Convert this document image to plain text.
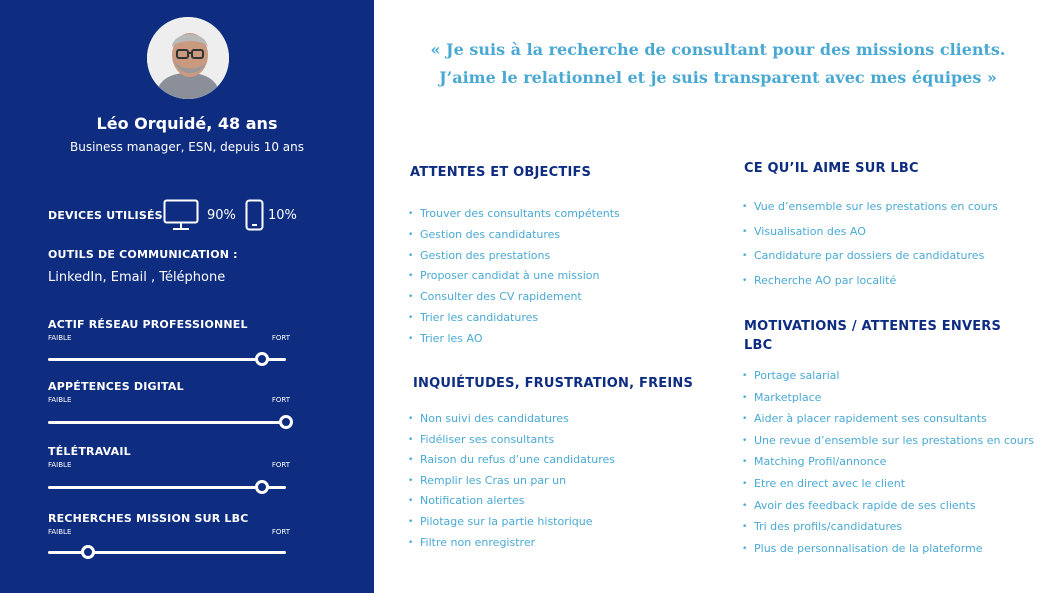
Léo Orquidé, 48 ans
Business manager, ESN, depuis 10 ans
DEVICES UTILISÉS	90% 10%
OUTILS DE COMMUNICATION :
LinkedIn, Email , Téléphone
ACTIF RÉSEAU PROFESSIONNEL
FAIBLE	FORT
APPÉTENCES DIGITAL
FAIBLE	FORT
TÉLÉTRAVAIL
FAIBLE	FORT
RECHERCHES MISSION SUR LBC
FAIBLE	FORT
« Je suis à la recherche de consultant pour des missions clients.
J’aime le relationnel et je suis transparent avec mes équipes »
ATTENTES ET OBJECTIFS
• Trouver des consultants compétents
• Gestion des candidatures
• Gestion des prestations
• Proposer candidat à une mission
• Consulter des CV rapidement
• Trier les candidatures
• Trier les AO
INQUIÉTUDES, FRUSTRATION, FREINS
• Non suivi des candidatures
• Fidéliser ses consultants
• Raison du refus d’une candidatures
• Remplir les Cras un par un
• Notification alertes
• Pilotage sur la partie historique
• Filtre non enregistrer
CE QU’IL AIME SUR LBC
• Vue d’ensemble sur les prestations en cours
• Visualisation des AO
• Candidature par dossiers de candidatures
• Recherche AO par localité
MOTIVATIONS / ATTENTES ENVERS
LBC
• Portage salarial
• Marketplace
• Aider à placer rapidement ses consultants
• Une revue d’ensemble sur les prestations en cours
• Matching Profil/annonce
• Etre en direct avec le client
• Avoir des feedback rapide de ses clients
• Tri des profils/candidatures
• Plus de personnalisation de la plateforme
